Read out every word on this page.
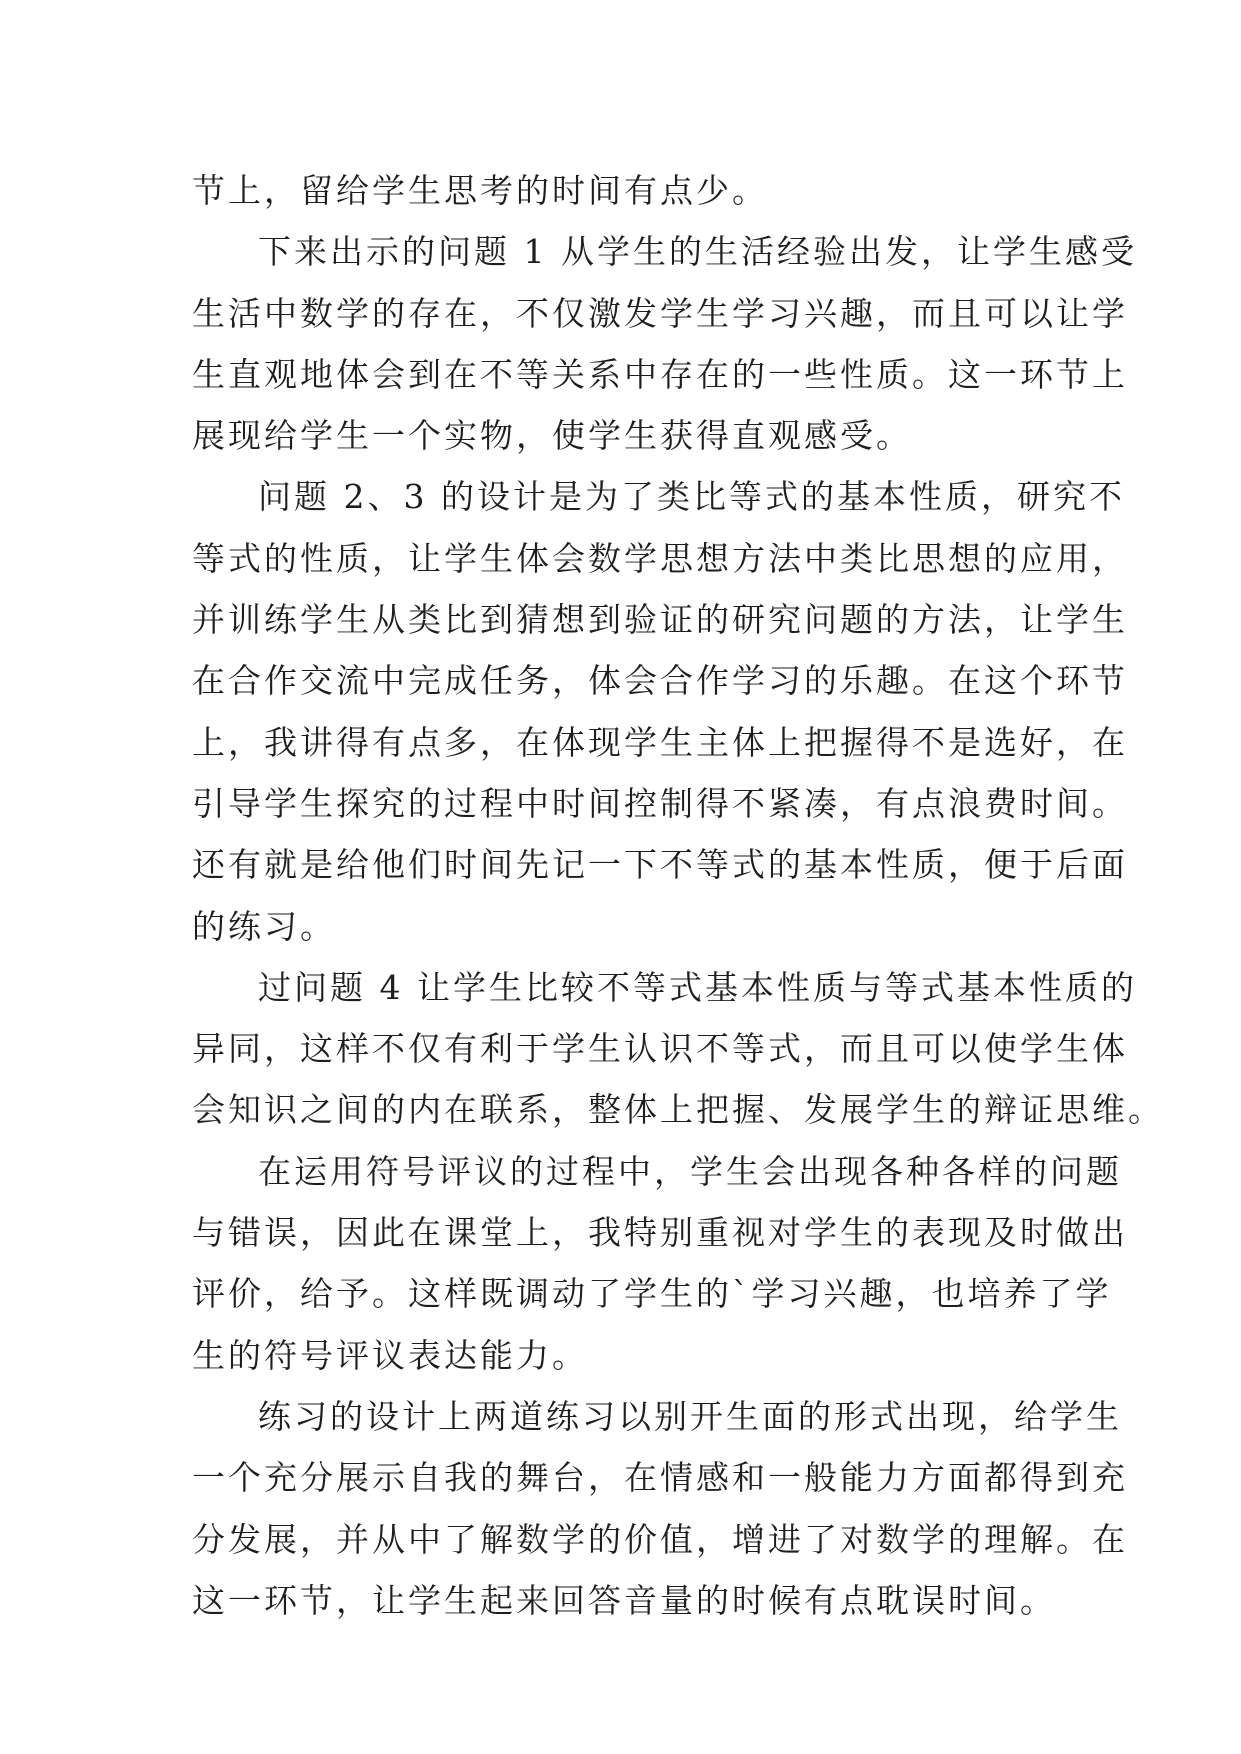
节上，留给学生思考的时间有点少。
下来出示的问题 1 从学生的生活经验出发，让学生感受
生活中数学的存在，不仅激发学生学习兴趣，而且可以让学
生直观地体会到在不等关系中存在的一些性质。这一环节上
展现给学生一个实物，使学生获得直观感受。
问题 2、3 的设计是为了类比等式的基本性质，研究不
等式的性质，让学生体会数学思想方法中类比思想的应用，
并训练学生从类比到猜想到验证的研究问题的方法，让学生
在合作交流中完成任务，体会合作学习的乐趣。在这个环节
上，我讲得有点多，在体现学生主体上把握得不是选好，在
引导学生探究的过程中时间控制得不紧凑，有点浪费时间。
还有就是给他们时间先记一下不等式的基本性质，便于后面
的练习。
过问题 4 让学生比较不等式基本性质与等式基本性质的
异同，这样不仅有利于学生认识不等式，而且可以使学生体
会知识之间的内在联系，整体上把握、发展学生的辩证思维。
在运用符号评议的过程中，学生会出现各种各样的问题
与错误，因此在课堂上，我特别重视对学生的表现及时做出
评价，给予。这样既调动了学生的`学习兴趣，也培养了学
生的符号评议表达能力。
练习的设计上两道练习以别开生面的形式出现，给学生
一个充分展示自我的舞台，在情感和一般能力方面都得到充
分发展，并从中了解数学的价值，增进了对数学的理解。在
这一环节，让学生起来回答音量的时候有点耽误时间。
